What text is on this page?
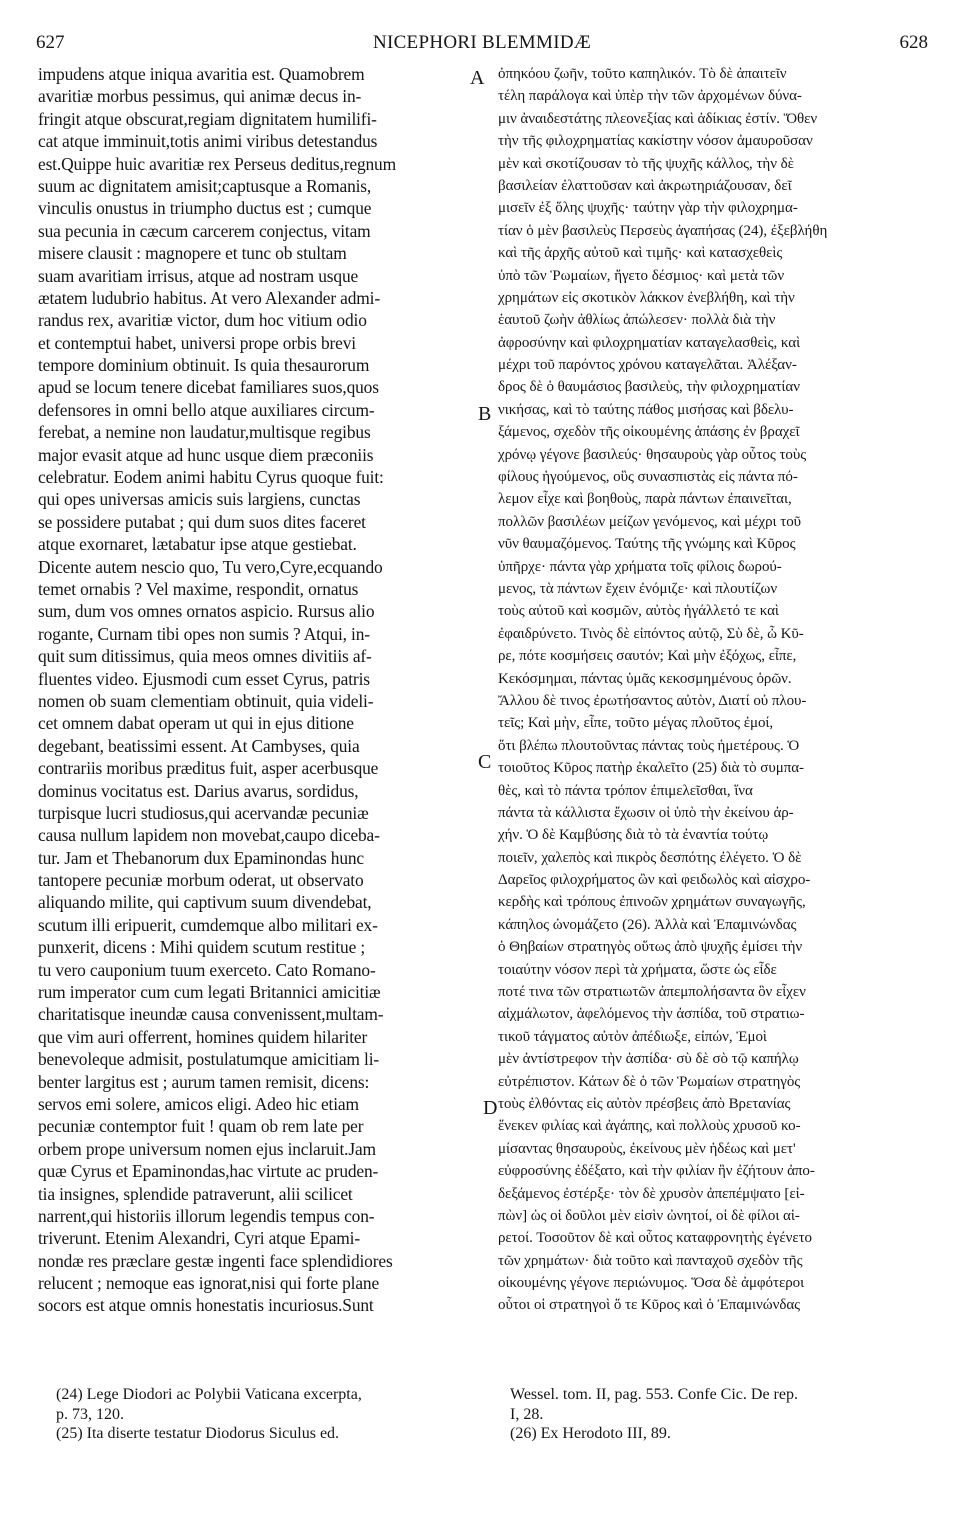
627	NICEPHORI BLEMMIDÆ	628
impudens atque iniqua avaritia est. Quamobrem
avaritiæ morbus pessimus, qui animæ decus in-
fringit atque obscurat,regiam dignitatem humilifi-
cat atque imminuit,totis animi viribus detestandus
est.Quippe huic avaritiæ rex Perseus deditus,regnum
suum ac dignitatem amisit;captusque a Romanis,
vinculis onustus in triumpho ductus est ; cumque
sua pecunia in cæcum carcerem conjectus, vitam
misere clausit : magnopere et tunc ob stultam
suam avaritiam irrisus, atque ad nostram usque
ætatem ludubrio habitus. At vero Alexander admi-
randus rex, avaritiæ victor, dum hoc vitium odio
et contemptui habet, universi prope orbis brevi
tempore dominium obtinuit. Is quia thesaurorum
apud se locum tenere dicebat familiares suos,quos
defensores in omni bello atque auxiliares circum-
ferebat, a nemine non laudatur,multisque regibus
major evasit atque ad hunc usque diem præconiis
celebratur. Eodem animi habitu Cyrus quoque fuit:
qui opes universas amicis suis largiens, cunctas
se possidere putabat ; qui dum suos dites faceret
atque exornaret, lætabatur ipse atque gestiebat.
Dicente autem nescio quo, Tu vero,Cyre,ecquando
temet ornabis ? Vel maxime, respondit, ornatus
sum, dum vos omnes ornatos aspicio. Rursus alio
rogante, Curnam tibi opes non sumis ? Atqui, in-
quit sum ditissimus, quia meos omnes divitiis af-
fluentes video. Ejusmodi cum esset Cyrus, patris
nomen ob suam clementiam obtinuit, quia videli-
cet omnem dabat operam ut qui in ejus ditione
degebant, beatissimi essent. At Cambyses, quia
contrariis moribus præditus fuit, asper acerbusque
dominus vocitatus est. Darius avarus, sordidus,
turpisque lucri studiosus,qui acervandæ pecuniæ
causa nullum lapidem non movebat,caupo diceba-
tur. Jam et Thebanorum dux Epaminondas hunc
tantopere pecuniæ morbum oderat, ut observato
aliquando milite, qui captivum suum divendebat,
scutum illi eripuerit, cumdemque albo militari ex-
punxerit, dicens : Mihi quidem scutum restitue ;
tu vero cauponium tuum exerceto. Cato Romano-
rum imperator cum cum legati Britannici amicitiæ
charitatisque ineundæ causa convenissent,multam-
que vim auri offerrent, homines quidem hilariter
benevoleque admisit, postulatumque amicitiam li-
benter largitus est ; aurum tamen remisit, dicens:
servos emi solere, amicos eligi. Adeo hic etiam
pecuniæ contemptor fuit ! quam ob rem late per
orbem prope universum nomen ejus inclaruit.Jam
quæ Cyrus et Epaminondas,hac virtute ac pruden-
tia insignes, splendide patraverunt, alii scilicet
narrent,qui historiis illorum legendis tempus con-
triverunt. Etenim Alexandri, Cyri atque Epami-
nondæ res præclare gestæ ingenti face splendidiores
relucent ; nemoque eas ignorat,nisi qui forte plane
socors est atque omnis honestatis incuriosus.Sunt
ὀπηκόου ζωῆν, τοῦτο καπηλικόν. Τὸ δὲ ἀπαιτεῖν
τέλη παράλογα καὶ ὑπὲρ τὴν τῶν ἀρχομένων δύνα-
μιν ἀναιδεστάτης πλεονεξίας καὶ ἀδίκιας ἐστίν. Ὅθεν
τὴν τῆς φιλοχρηματίας κακίστην νόσον ἀμαυροῦσαν
μὲν καὶ σκοτίζουσαν τὸ τῆς ψυχῆς κάλλος, τὴν δὲ
βασιλείαν ἐλαττοῦσαν καὶ ἀκρωτηριάζουσαν, δεῖ
μισεῖν ἐξ ὅλης ψυχῆς· ταύτην γὰρ τὴν φιλοχρημα-
τίαν ὁ μὲν βασιλεὺς Περσεὺς ἀγαπήσας (24), ἐξεβλήθη
καὶ τῆς ἀρχῆς αὐτοῦ καὶ τιμῆς· καὶ κατασχεθεὶς
ὑπὸ τῶν Ῥωμαίων, ἤγετο δέσμιος· καὶ μετὰ τῶν
χρημάτων εἰς σκοτικὸν λάκκον ἐνεβλήθη, καὶ τὴν
ἑαυτοῦ ζωὴν ἀθλίως ἀπώλεσεν· πολλὰ διὰ τὴν
ἀφροσύνην καὶ φιλοχρηματίαν καταγελασθεὶς, καὶ
μέχρι τοῦ παρόντος χρόνου καταγελᾶται. Ἀλέξαν-
δρος δὲ ὁ θαυμάσιος βασιλεὺς, τὴν φιλοχρηματίαν
νικήσας, καὶ τὸ ταύτης πάθος μισήσας καὶ βδελυ-
ξάμενος, σχεδὸν τῆς οἰκουμένης ἁπάσης ἐν βραχεῖ
χρόνῳ γέγονε βασιλεύς· θησαυροὺς γὰρ οὗτος τοὺς
φίλους ἡγούμενος, οὓς συνασπιστὰς εἰς πάντα πό-
λεμον εἶχε καὶ βοηθοὺς, παρὰ πάντων ἐπαινεῖται,
πολλῶν βασιλέων μείζων γενόμενος, καὶ μέχρι τοῦ
νῦν θαυμαζόμενος. Ταύτης τῆς γνώμης καὶ Κῦρος
ὑπῆρχε· πάντα γὰρ χρήματα τοῖς φίλοις δωρού-
μενος, τὰ πάντων ἔχειν ἐνόμιζε· καὶ πλουτίζων
τοὺς αὐτοῦ καὶ κοσμῶν, αὐτὸς ἠγάλλετό τε καὶ
ἐφαιδρύνετο. Τινὸς δὲ εἰπόντος αὐτῷ, Σὺ δὲ, ὦ Κῦ-
ρε, πότε κοσμήσεις σαυτόν; Καὶ μὴν ἐξόχως, εἶπε,
Κεκόσμημαι, πάντας ὑμᾶς κεκοσμημένους ὁρῶν.
Ἄλλου δὲ τινος ἐρωτήσαντος αὐτὸν, Διατί οὐ πλου-
τεῖς; Καὶ μὴν, εἶπε, τοῦτο μέγας πλοῦτος ἐμοί,
ὅτι βλέπω πλουτοῦντας πάντας τοὺς ἡμετέρους. Ὁ
τοιοῦτος Κῦρος πατὴρ ἐκαλεῖτο (25) διὰ τὸ συμπα-
θὲς, καὶ τὸ πάντα τρόπον ἐπιμελεῖσθαι, ἵνα
πάντα τὰ κάλλιστα ἔχωσιν οἱ ὑπὸ τὴν ἐκείνου ἀρ-
χήν. Ὁ δὲ Καμβύσης διὰ τὸ τὰ ἐναντία τούτῳ
ποιεῖν, χαλεπὸς καὶ πικρὸς δεσπότης ἐλέγετο. Ὁ δὲ
Δαρεῖος φιλοχρήματος ὢν καὶ φειδωλὸς καὶ αἰσχρο-
κερδὴς καὶ τρόπους ἐπινοῶν χρημάτων συναγωγῆς,
κάπηλος ὠνομάζετο (26). Ἀλλὰ καὶ Ἐπαμινώνδας
ὁ Θηβαίων στρατηγὸς οὕτως ἀπὸ ψυχῆς ἐμίσει τὴν
τοιαύτην νόσον περὶ τὰ χρήματα, ὥστε ὡς εἶδε
ποτέ τινα τῶν στρατιωτῶν ἀπεμπολήσαντα ὃν εἶχεν
αἰχμάλωτον, ἀφελόμενος τὴν ἀσπίδα, τοῦ στρατιω-
τικοῦ τάγματος αὐτὸν ἀπέδιωξε, εἰπών, Ἐμοὶ
μὲν ἀντίστρεφον τὴν ἀσπίδα· σὺ δὲ σὸ τῷ καπήλῳ
εὐτρέπιστον. Κάτων δὲ ὁ τῶν Ῥωμαίων στρατηγὸς
τοὺς ἐλθόντας εἰς αὐτὸν πρέσβεις ἀπὸ Βρετανίας
ἕνεκεν φιλίας καὶ ἀγάπης, καὶ πολλοὺς χρυσοῦ κο-
μίσαντας θησαυροὺς, ἐκείνους μὲν ἡδέως καὶ μετ'
εὐφροσύνης ἐδέξατο, καὶ τὴν φιλίαν ἣν ἐζήτουν ἀπο-
δεξάμενος ἐστέρξε· τὸν δὲ χρυσὸν ἀπεπέμψατο [εἰ-
πὼν] ὡς οἱ δοῦλοι μὲν εἰσὶν ὠνητοί, οἱ δὲ φίλοι αἱ-
ρετοί. Τοσοῦτον δὲ καὶ οὗτος καταφρονητὴς ἐγένετο
τῶν χρημάτων· διὰ τοῦτο καὶ πανταχοῦ σχεδὸν τῆς
οἰκουμένης γέγονε περιώνυμος. Ὅσα δὲ ἀμφότεροι
οὗτοι οἱ στρατηγοὶ ὅ τε Κῦρος καὶ ὁ Ἐπαμινώνδας
A
B
C
D
(24) Lege Diodori ac Polybii Vaticana excerpta,
p. 73, 120.
(25) Ita diserte testatur Diodorus Siculus ed.
Wessel. tom. II, pag. 553. Confe Cic. De rep.
I, 28.
(26) Ex Herodoto III, 89.
